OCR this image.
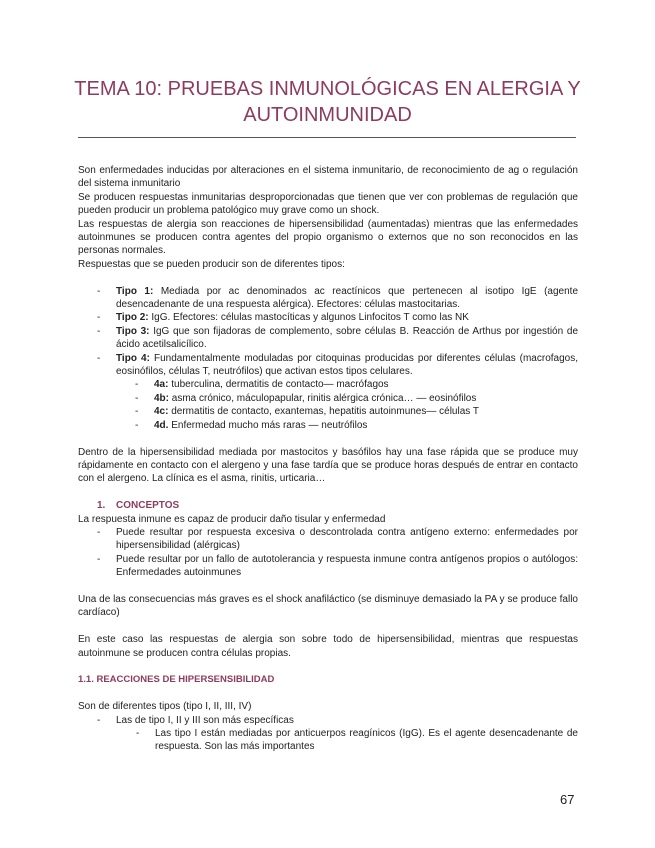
TEMA 10: PRUEBAS INMUNOLÓGICAS EN ALERGIA Y
AUTOINMUNIDAD

Son enfermedades inducidas por alteraciones en el sistema inmunitario, de reconocimiento de ag o regulación del sistema inmunitario

Se producen respuestas inmunitarias desproporcionadas que tienen que ver con problemas de regulación que pueden producir un problema patológico muy grave como un shock.

Las respuestas de alergia son reacciones de hipersensibilidad (aumentadas) mientras que las enfermedades autoinmunes se producen contra agentes del propio organismo o externos que no son reconocidos en las personas normales.

Respuestas que se pueden producir son de diferentes tipos:

- Tipo 1: Mediada por ac denominados ac reactínicos que pertenecen al isotipo IgE (agente desencadenante de una respuesta alérgica). Efectores: células mastocitarias.
- Tipo 2: IgG. Efectores: células mastocíticas y algunos Linfocitos T como las NK
- Tipo 3: IgG que son fijadoras de complemento, sobre células B. Reacción de Arthus por ingestión de ácido acetilsalicílico.
- Tipo 4: Fundamentalmente moduladas por citoquinas producidas por diferentes células (macrofagos, eosinófilos, células T, neutrófilos) que activan estos tipos celulares.
- 4a: tuberculina, dermatitis de contacto— macrófagos
- 4b: asma crónico, máculopapular, rinitis alérgica crónica… — eosinófilos
- 4c: dermatitis de contacto, exantemas, hepatitis autoinmunes— células T
- 4d. Enfermedad mucho más raras — neutrófilos

Dentro de la hipersensibilidad mediada por mastocitos y basófilos hay una fase rápida que se produce muy rápidamente en contacto con el alergeno y una fase tardía que se produce horas después de entrar en contacto con el alergeno. La clínica es el asma, rinitis, urticaria…

1. CONCEPTOS

La respuesta inmune es capaz de producir daño tisular y enfermedad

- Puede resultar por respuesta excesiva o descontrolada contra antígeno externo: enfermedades por hipersensibilidad (alérgicas)
- Puede resultar por un fallo de autotolerancia y respuesta inmune contra antígenos propios o autólogos: Enfermedades autoinmunes

Una de las consecuencias más graves es el shock anafiláctico (se disminuye demasiado la PA y se produce fallo cardíaco)

En este caso las respuestas de alergia son sobre todo de hipersensibilidad, mientras que respuestas autoinmune se producen contra células propias.

1.1. REACCIONES DE HIPERSENSIBILIDAD

Son de diferentes tipos (tipo I, II, III, IV)

- Las de tipo I, II y III son más específicas
- Las tipo I están mediadas por anticuerpos reagínicos (IgG). Es el agente desencadenante de respuesta. Son las más importantes
67
